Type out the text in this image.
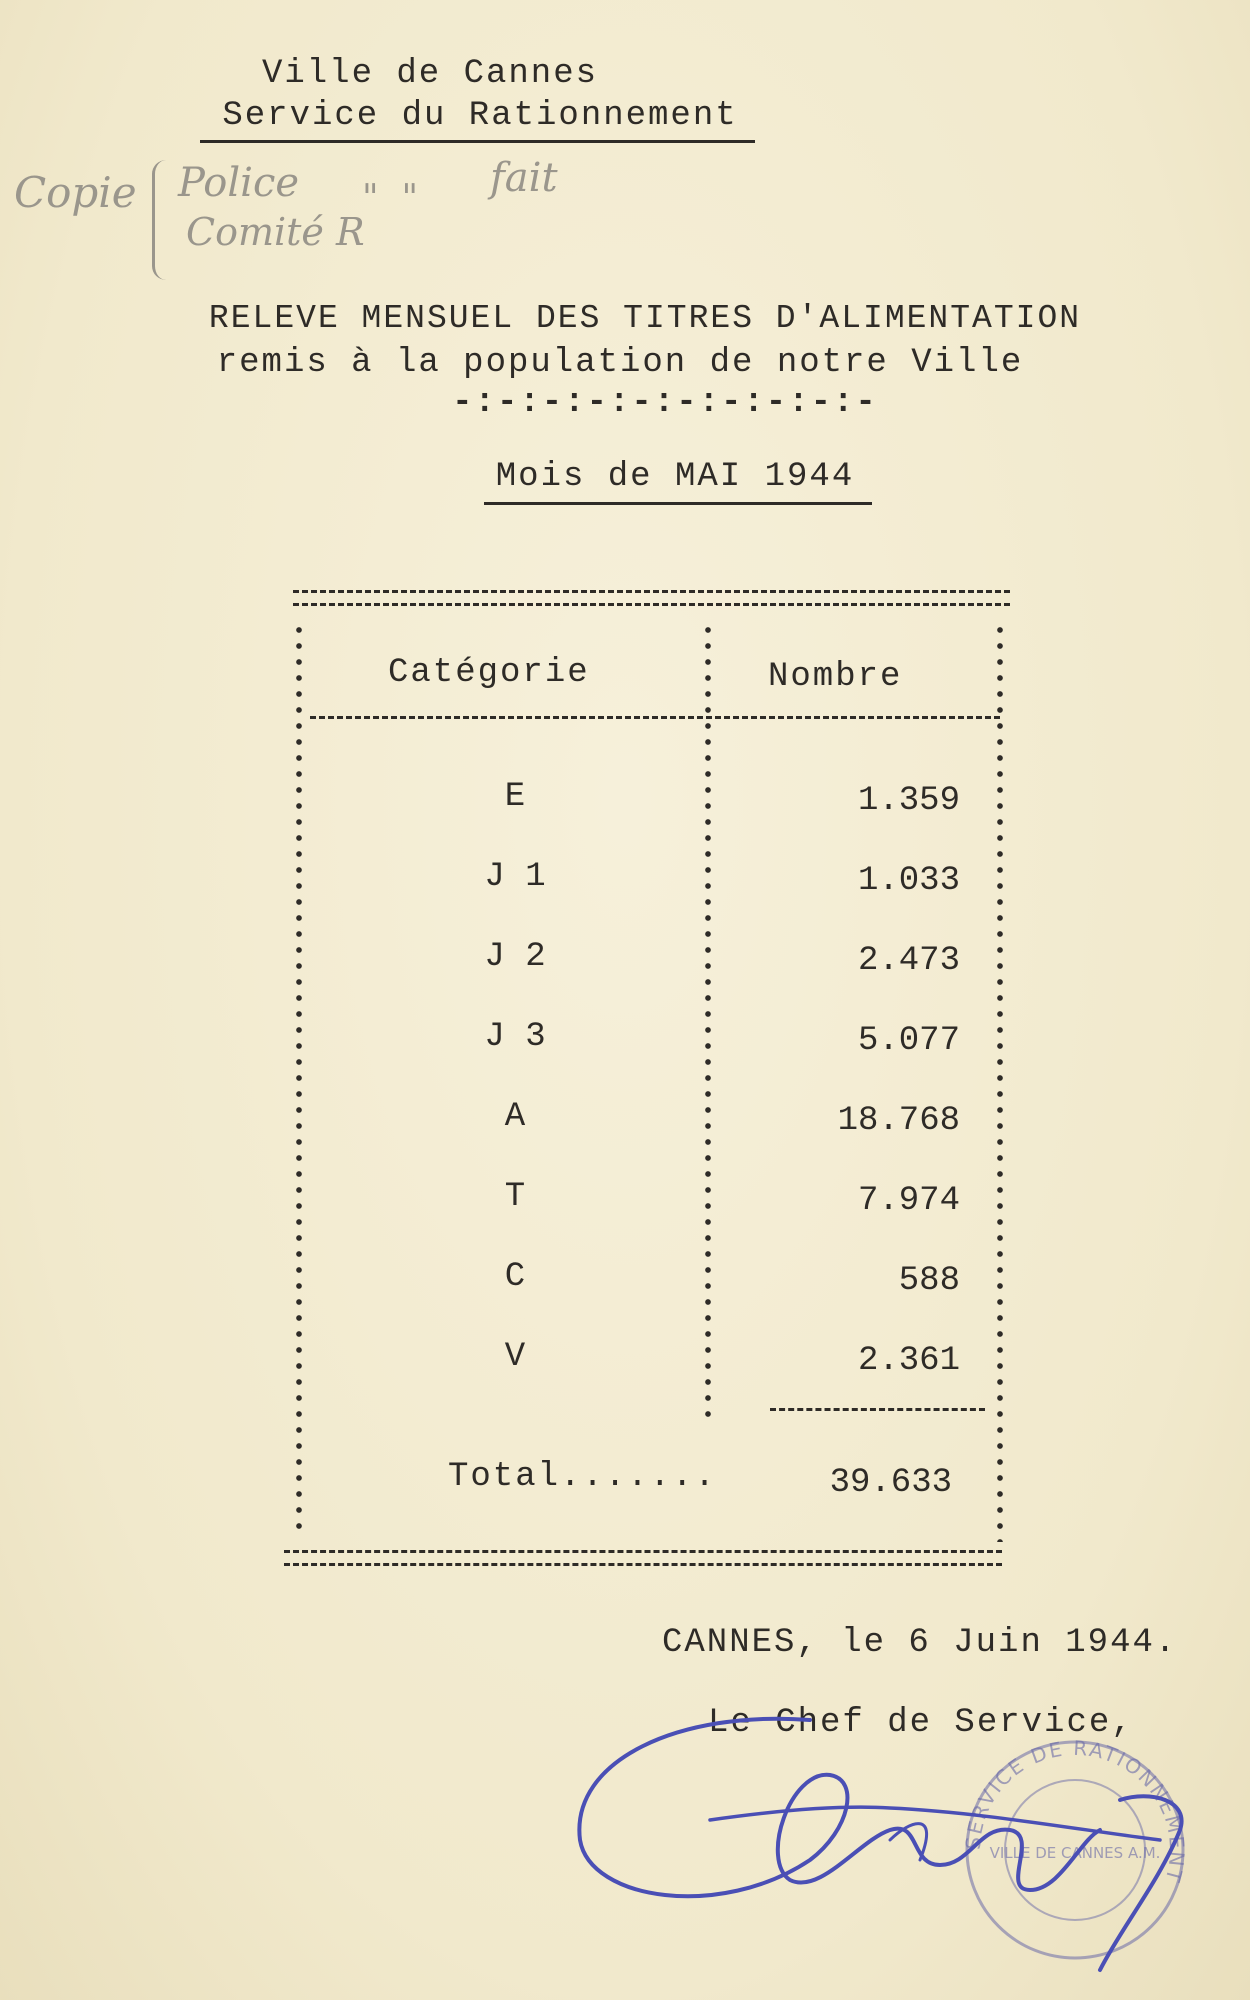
Ville de Cannes
Service du Rationnement
Copie Police
Comité R
"  " fait
RELEVE MENSUEL DES TITRES D'ALIMENTATION
remis à la population de notre Ville
-:-:-:-:-:-:-:-:-:-
Mois de MAI 1944
Catégorie	Nombre
E	1.359
J 1	1.033
J 2	2.473
J 3	5.077
A	18.768
T	7.974
C	588
V	2.361
Total.......	39.633
CANNES, le 6 Juin 1944.
Le Chef de Service,
SERVICE DE RATIONNEMENT
VILLE DE CANNES A.M.
